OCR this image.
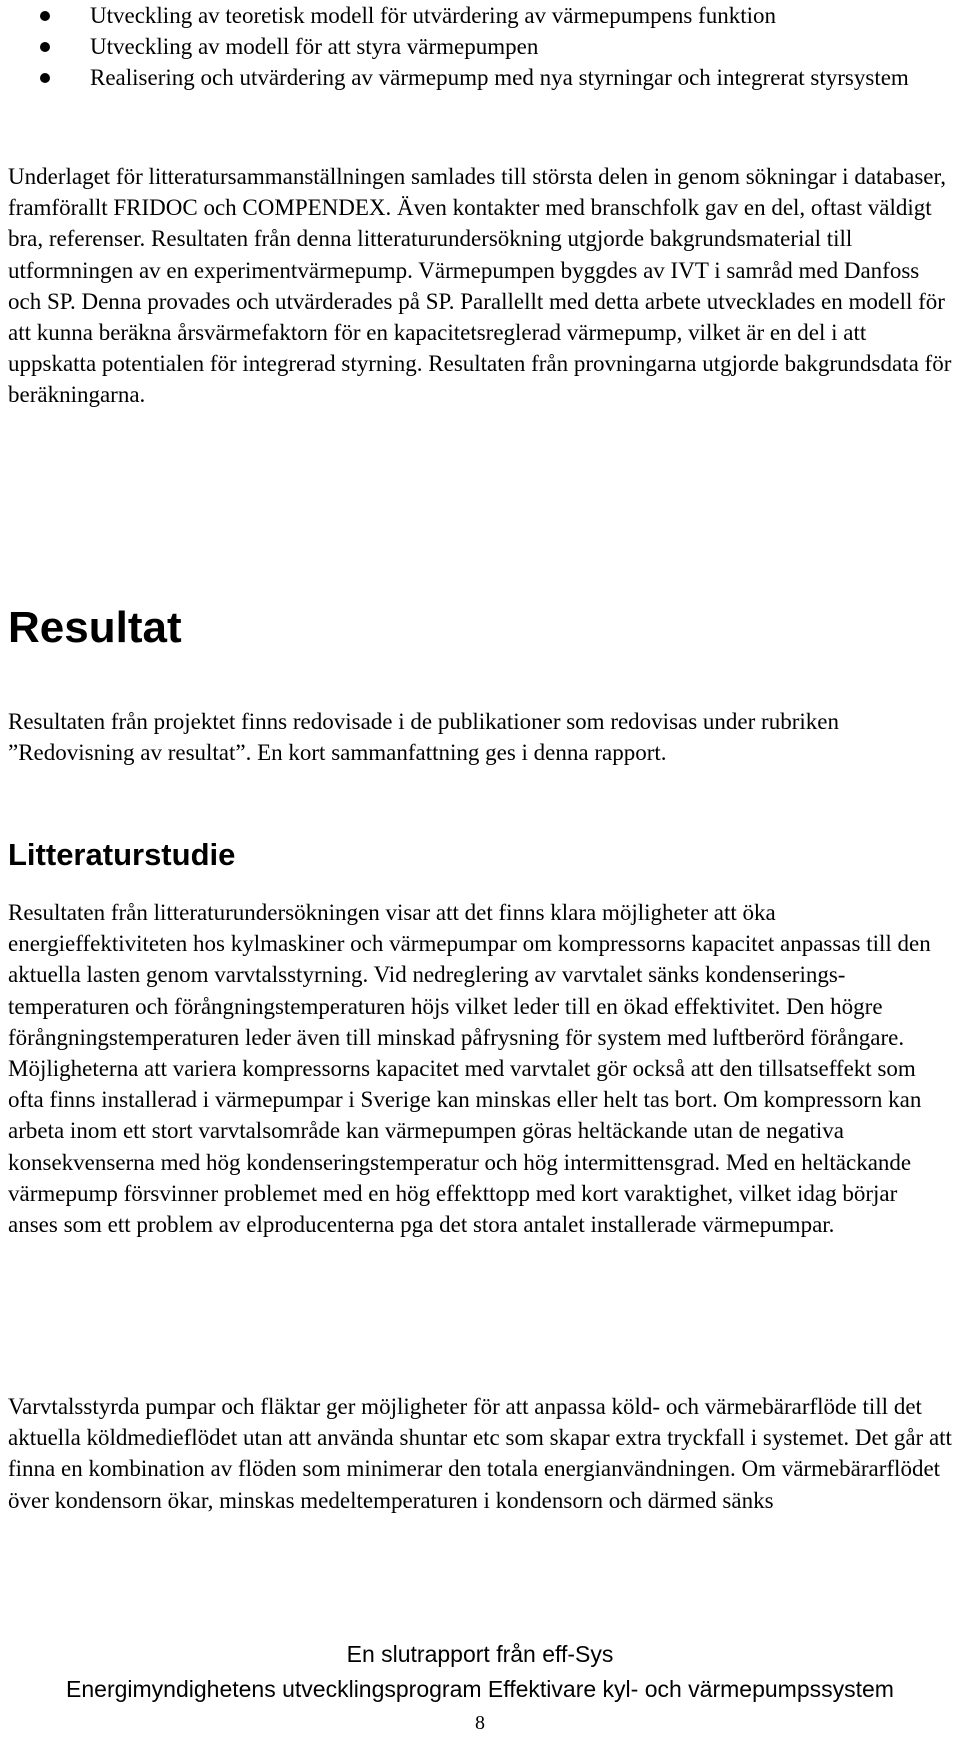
Utveckling av teoretisk modell för utvärdering av värmepumpens funktion
Utveckling av modell för att styra värmepumpen
Realisering och utvärdering av värmepump med nya styrningar och integrerat styrsystem

Underlaget för litteratursammanställningen samlades till största delen in genom sökningar i databaser, framförallt FRIDOC och COMPENDEX. Även kontakter med branschfolk gav en del, oftast väldigt bra, referenser. Resultaten från denna litteraturundersökning utgjorde bakgrundsmaterial till utformningen av en experimentvärmepump. Värmepumpen byggdes av IVT i samråd med Danfoss och SP. Denna provades och utvärderades på SP. Parallellt med detta arbete utvecklades en modell för att kunna beräkna årsvärmefaktorn för en kapacitetsreglerad värmepump, vilket är en del i att uppskatta potentialen för integrerad styrning. Resultaten från provningarna utgjorde bakgrundsdata för beräkningarna.

Resultat

Resultaten från projektet finns redovisade i de publikationer som redovisas under rubriken ”Redovisning av resultat”. En kort sammanfattning ges i denna rapport.

Litteraturstudie

Resultaten från litteraturundersökningen visar att det finns klara möjligheter att öka energieffektiviteten hos kylmaskiner och värmepumpar om kompressorns kapacitet anpassas till den aktuella lasten genom varvtalsstyrning. Vid nedreglering av varvtalet sänks kondenserings-temperaturen och förångningstemperaturen höjs vilket leder till en ökad effektivitet. Den högre förångningstemperaturen leder även till minskad påfrysning för system med luftberörd förångare. Möjligheterna att variera kompressorns kapacitet med varvtalet gör också att den tillsatseffekt som ofta finns installerad i värmepumpar i Sverige kan minskas eller helt tas bort. Om kompressorn kan arbeta inom ett stort varvtalsområde kan värmepumpen göras heltäckande utan de negativa konsekvenserna med hög kondenseringstemperatur och hög intermittensgrad. Med en heltäckande värmepump försvinner problemet med en hög effekttopp med kort varaktighet, vilket idag börjar anses som ett problem av elproducenterna pga det stora antalet installerade värmepumpar.

Varvtalsstyrda pumpar och fläktar ger möjligheter för att anpassa köld- och värmebärarflöde till det aktuella köldmedieflödet utan att använda shuntar etc som skapar extra tryckfall i systemet. Det går att finna en kombination av flöden som minimerar den totala energianvändningen. Om värmebärarflödet över kondensorn ökar, minskas medeltemperaturen i kondensorn och därmed sänks

En slutrapport från eff-Sys

Energimyndighetens utvecklingsprogram Effektivare kyl- och värmepumpssystem

8
